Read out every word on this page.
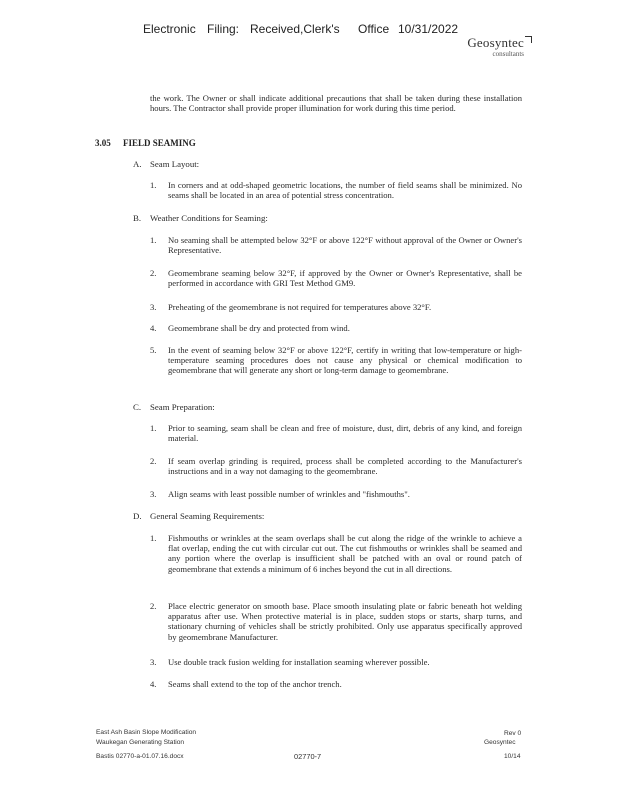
Electronic Filing: Received,Clerk's Office 10/31/2022
Geosyntec
consultants
the work. The Owner or shall indicate additional precautions that shall be taken during these installation hours. The Contractor shall provide proper illumination for work during this time period.
3.05 FIELD SEAMING
A. Seam Layout:
1. In corners and at odd-shaped geometric locations, the number of field seams shall be minimized. No seams shall be located in an area of potential stress concentration.
B. Weather Conditions for Seaming:
1. No seaming shall be attempted below 32°F or above 122°F without approval of the Owner or Owner's Representative.
2. Geomembrane seaming below 32°F, if approved by the Owner or Owner's Representative, shall be performed in accordance with GRI Test Method GM9.
3. Preheating of the geomembrane is not required for temperatures above 32°F.
4. Geomembrane shall be dry and protected from wind.
5. In the event of seaming below 32°F or above 122°F, certify in writing that low-temperature or high-temperature seaming procedures does not cause any physical or chemical modification to geomembrane that will generate any short or long-term damage to geomembrane.
C. Seam Preparation:
1. Prior to seaming, seam shall be clean and free of moisture, dust, dirt, debris of any kind, and foreign material.
2. If seam overlap grinding is required, process shall be completed according to the Manufacturer's instructions and in a way not damaging to the geomembrane.
3. Align seams with least possible number of wrinkles and "fishmouths".
D. General Seaming Requirements:
1. Fishmouths or wrinkles at the seam overlaps shall be cut along the ridge of the wrinkle to achieve a flat overlap, ending the cut with circular cut out. The cut fishmouths or wrinkles shall be seamed and any portion where the overlap is insufficient shall be patched with an oval or round patch of geomembrane that extends a minimum of 6 inches beyond the cut in all directions.
2. Place electric generator on smooth base. Place smooth insulating plate or fabric beneath hot welding apparatus after use. When protective material is in place, sudden stops or starts, sharp turns, and stationary churning of vehicles shall be strictly prohibited. Only use apparatus specifically approved by geomembrane Manufacturer.
3. Use double track fusion welding for installation seaming wherever possible.
4. Seams shall extend to the top of the anchor trench.
East Ash Basin Slope Modification
Waukegan Generating Station
Bastis 02770-a-01.07.16.docx	02770-7
Rev 0
Geosyntec
10/14
